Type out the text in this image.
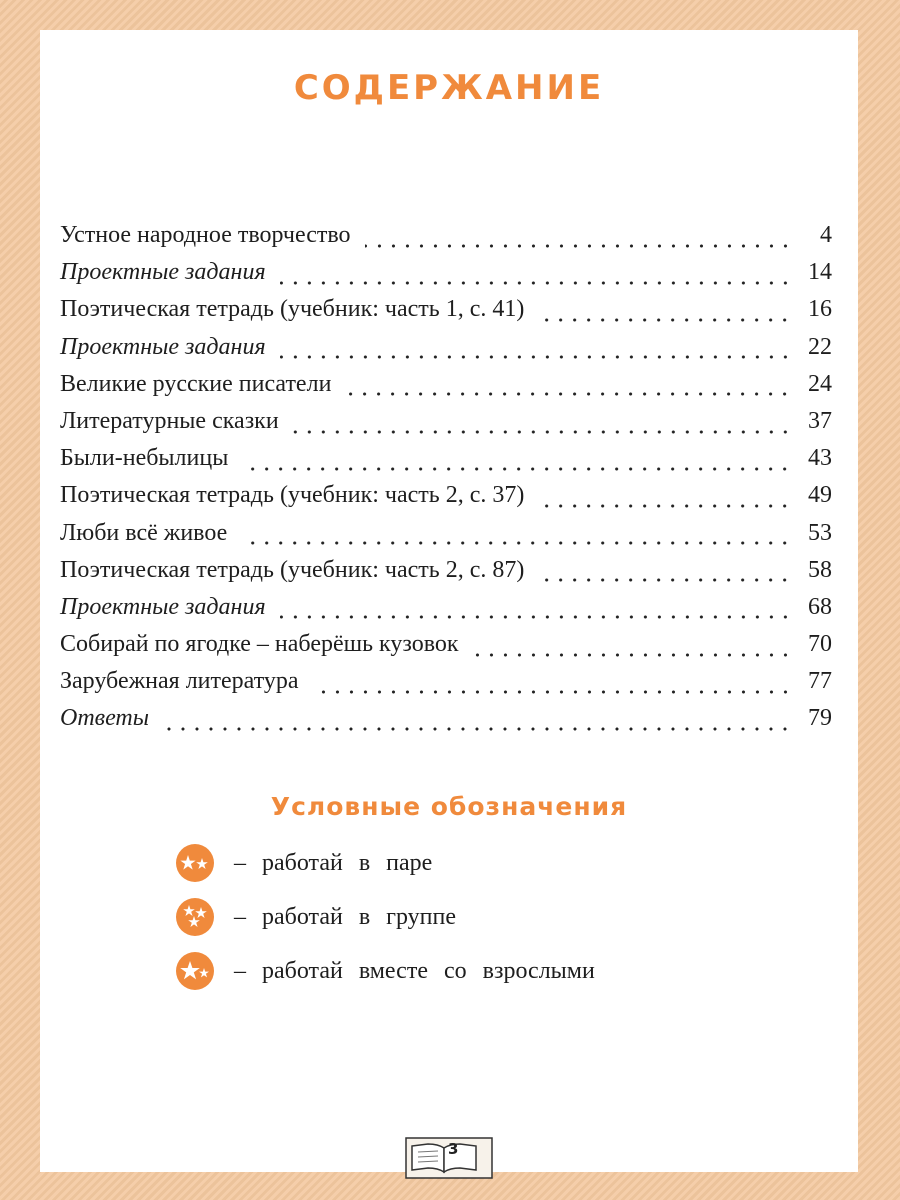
СОДЕРЖАНИЕ
Устное народное творчество	4
Проектные задания	14
Поэтическая тетрадь (учебник: часть 1, с. 41)	16
Проектные задания	22
Великие русские писатели	24
Литературные сказки	37
Были-небылицы	43
Поэтическая тетрадь (учебник: часть 2, с. 37)	49
Люби всё живое	53
Поэтическая тетрадь (учебник: часть 2, с. 87)	58
Проектные задания	68
Собирай по ягодке – наберёшь кузовок	70
Зарубежная литература	77
Ответы	79
Условные обозначения
– работай в паре
– работай в группе
– работай вместе со взрослыми
3
